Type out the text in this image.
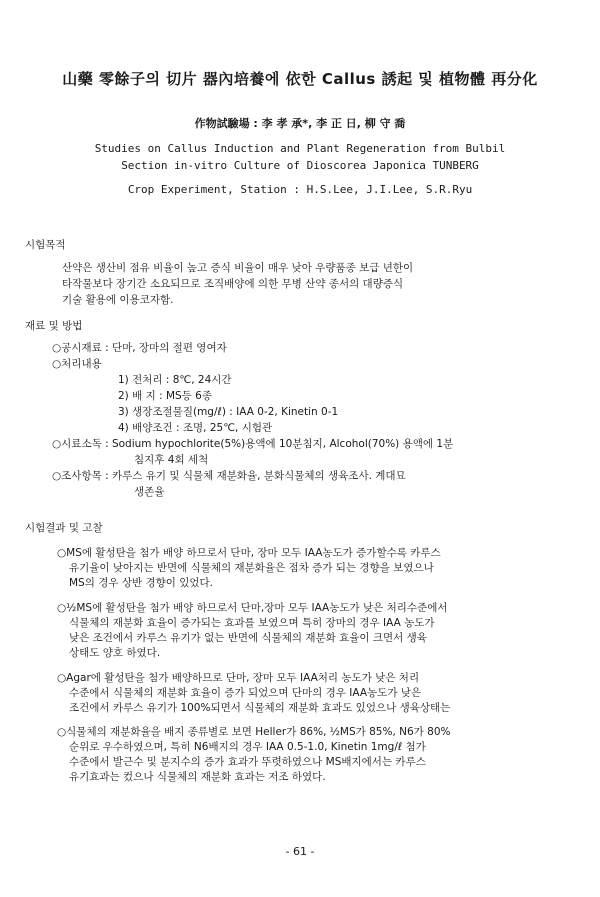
山藥 零餘子의 切片 器內培養에 依한 Callus 誘起 및 植物體 再分化
作物試驗場 : 李 孝 承*, 李 正 日, 柳 守 喬
Studies on Callus Induction and Plant Regeneration from Bulbil
Section in-vitro Culture of Dioscorea Japonica TUNBERG
Crop Experiment, Station : H.S.Lee, J.I.Lee, S.R.Ryu
시험목적
산약은 생산비 점유 비율이 높고 증식 비율이 매우 낮아 우량품종 보급 년한이
타작물보다 장기간 소요되므로 조직배양에 의한 무병 산약 종서의 대량증식
기술 활용에 이용코자함.
재료 및 방법
○공시재료 : 단마, 장마의 절편 영여자
○처리내용
1) 전처리 : 8℃, 24시간
2) 배 지 : MS등 6종
3) 생장조절물질(mg/ℓ) : IAA 0-2, Kinetin 0-1
4) 배양조건 : 조명, 25℃, 시험관
○시료소독 : Sodium hypochlorite(5%)용액에 10분침지, Alcohol(70%) 용액에 1분
침지후 4회 세척
○조사항목 : 카루스 유기 및 식물체 재분화율, 분화식물체의 생육조사. 계대묘
생존율
시험결과 및 고찰
○MS에 활성탄을 첨가 배양 하므로서 단마, 장마 모두 IAA농도가 증가할수록 카루스
유기율이 낮아지는 반면에 식물체의 재분화율은 점차 증가 되는 경향을 보였으나
MS의 경우 상반 경향이 있었다.
○½MS에 활성탄을 첨가 배양 하므로서 단마,장마 모두 IAA농도가 낮은 처리수준에서
식물체의 재분화 효율이 증가되는 효과를 보였으며 특히 장마의 경우 IAA 농도가
낮은 조건에서 카루스 유기가 없는 반면에 식물체의 재분화 효율이 크면서 생육
상태도 양호 하였다.
○Agar에 활성탄을 첨가 배양하므로 단마, 장마 모두 IAA처리 농도가 낮은 처리
수준에서 식물체의 재분화 효율이 증가 되었으며 단마의 경우 IAA농도가 낮은
조건에서 카루스 유기가 100%되면서 식물체의 재분화 효과도 있었으나 생육상태는
○식물체의 재분화율을 배지 종류별로 보면 Heller가 86%, ½MS가 85%, N6가 80%
순위로 우수하였으며, 특히 N6배지의 경우 IAA 0.5-1.0, Kinetin 1mg/ℓ 첨가
수준에서 발근수 및 분지수의 증가 효과가 뚜렷하였으나 MS배지에서는 카루스
유기효과는 컸으나 식물체의 재분화 효과는 저조 하였다.
- 61 -
